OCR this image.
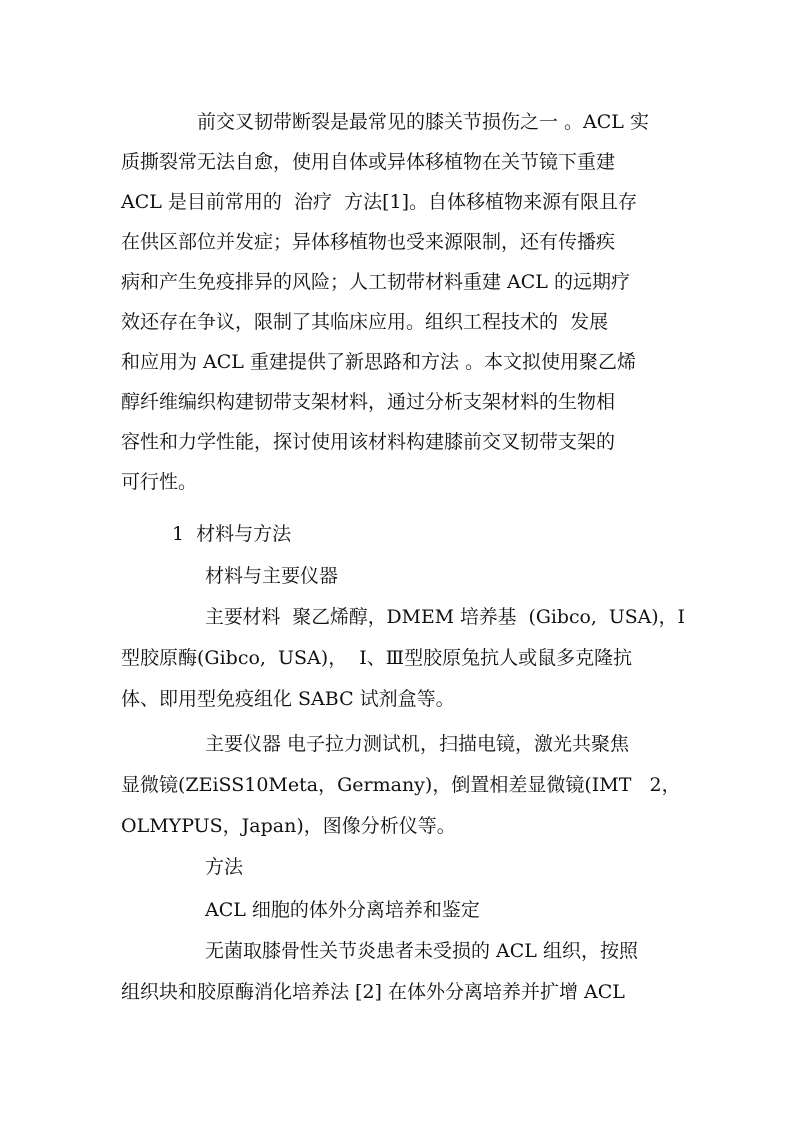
前交叉韧带断裂是最常见的膝关节损伤之一 。ACL 实
质撕裂常无法自愈，使用自体或异体移植物在关节镜下重建
ACL 是目前常用的  治疗  方法[1]。自体移植物来源有限且存
在供区部位并发症；异体移植物也受来源限制，还有传播疾
病和产生免疫排异的风险；人工韧带材料重建 ACL 的远期疗
效还存在争议，限制了其临床应用。组织工程技术的  发展
和应用为 ACL 重建提供了新思路和方法 。本文拟使用聚乙烯
醇纤维编织构建韧带支架材料，通过分析支架材料的生物相
容性和力学性能，探讨使用该材料构建膝前交叉韧带支架的
可行性。
1  材料与方法
材料与主要仪器
主要材料  聚乙烯醇，DMEM 培养基  (Gibco,  USA)，I
型胶原酶(Gibco,  USA)，  Ⅰ、Ⅲ型胶原兔抗人或鼠多克隆抗
体、即用型免疫组化 SABC 试剂盒等。
主要仪器 电子拉力测试机，扫描电镜，激光共聚焦
显微镜(ZEiSS10Meta，Germany)，倒置相差显微镜(IMT   2，
OLMYPUS，Japan)，图像分析仪等。
方法
ACL 细胞的体外分离培养和鉴定
无菌取膝骨性关节炎患者未受损的 ACL 组织，按照
组织块和胶原酶消化培养法 [2] 在体外分离培养并扩增 ACL
